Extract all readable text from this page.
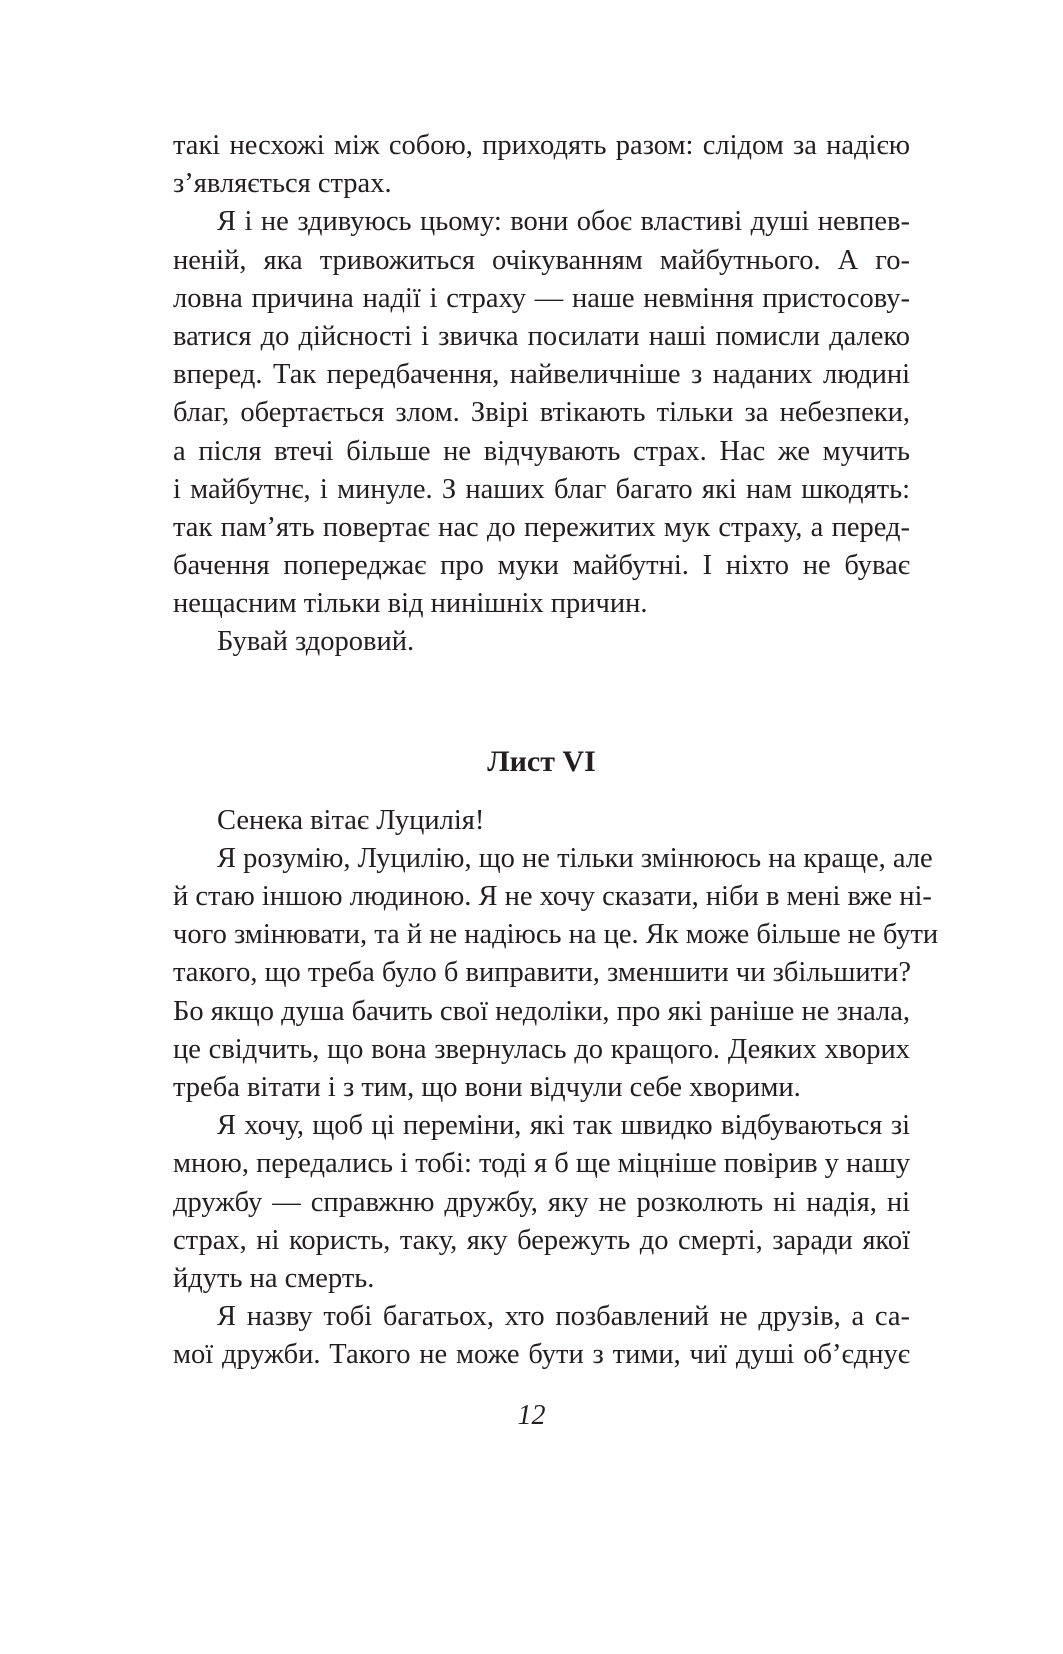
такі несхожі між собою, приходять разом: слідом за надією
з’являється страх.
Я і не здивуюсь цьому: вони обоє властиві душі невпев-
неній, яка тривожиться очікуванням майбутнього. А го-
ловна причина надії і страху — наше невміння пристосову-
ватися до дійсності і звичка посилати наші помисли далеко
вперед. Так передбачення, найвеличніше з наданих людині
благ, обертається злом. Звірі втікають тільки за небезпеки,
а після втечі більше не відчувають страх. Нас же мучить
і майбутнє, і минуле. З наших благ багато які нам шкодять:
так пам’ять повертає нас до пережитих мук страху, а перед-
бачення попереджає про муки майбутні. І ніхто не буває
нещасним тільки від нинішніх причин.
Бувай здоровий.
Лист VI
Сенека вітає Луцилія!
Я розумію, Луцилію, що не тільки змінююсь на краще, але
й стаю іншою людиною. Я не хочу сказати, ніби в мені вже ні-
чого змінювати, та й не надіюсь на це. Як може більше не бути
такого, що треба було б виправити, зменшити чи збільшити?
Бо якщо душа бачить свої недоліки, про які раніше не знала,
це свідчить, що вона звернулась до кращого. Деяких хворих
треба вітати і з тим, що вони відчули себе хворими.
Я хочу, щоб ці переміни, які так швидко відбуваються зі
мною, передались і тобі: тоді я б ще міцніше повірив у нашу
дружбу — справжню дружбу, яку не розколють ні надія, ні
страх, ні користь, таку, яку бережуть до смерті, заради якої
йдуть на смерть.
Я назву тобі багатьох, хто позбавлений не друзів, а са-
мої дружби. Такого не може бути з тими, чиї душі об’єднує
12
